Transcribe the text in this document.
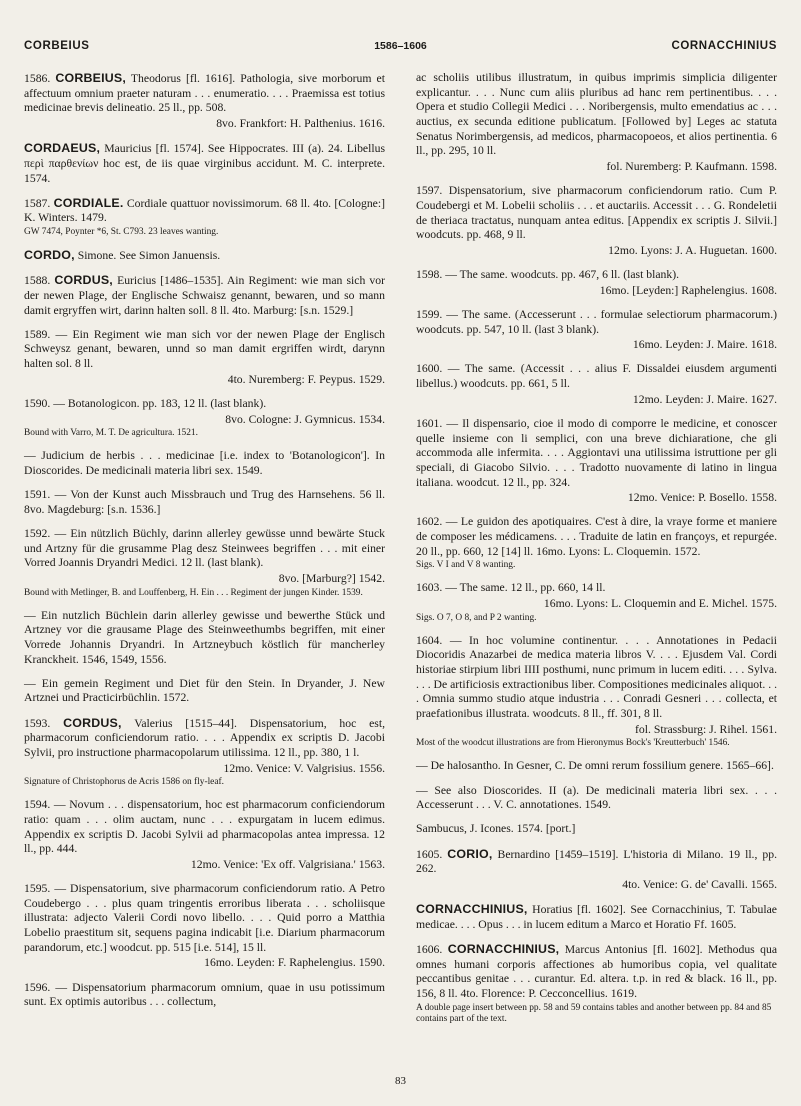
CORBEIUS	1586–1606	CORNACCHINIUS
1586. CORBEIUS, Theodorus [fl. 1616]. Pathologia, sive morborum et affectuum omnium praeter naturam . . . enumeratio. . . . Praemissa est totius medicinae brevis delineatio. 25 ll., pp. 508.
8vo. Frankfort: H. Palthenius. 1616.
CORDAEUS, Mauricius [fl. 1574]. See Hippocrates. III (a). 24. Libellus περὶ παρθενίων hoc est, de iis quae virginibus accidunt. M. C. interprete. 1574.
1587. CORDIALE. Cordiale quattuor novissimorum. 68 ll. 4to. [Cologne:] K. Winters. 1479.
GW 7474, Poynter *6, St. C793. 23 leaves wanting.
CORDO, Simone. See Simon Januensis.
1588. CORDUS, Euricius [1486–1535]. Ain Regiment: wie man sich vor der newen Plage, der Englische Schwaisz genannt, bewaren, und so mann damit ergryffen wirt, darinn halten soll. 8 ll. 4to. Marburg: [s.n. 1529.]
1589. — Ein Regiment wie man sich vor der newen Plage der Englisch Schweysz genant, bewaren, unnd so man damit ergriffen wirdt, darynn halten sol. 8 ll.
4to. Nuremberg: F. Peypus. 1529.
1590. — Botanologicon. pp. 183, 12 ll. (last blank).
8vo. Cologne: J. Gymnicus. 1534.
Bound with Varro, M. T. De agricultura. 1521.
— Judicium de herbis . . . medicinae [i.e. index to 'Botanologicon']. In Dioscorides. De medicinali materia libri sex. 1549.
1591. — Von der Kunst auch Missbrauch und Trug des Harnsehens. 56 ll. 8vo. Magdeburg: [s.n. 1536.]
1592. — Ein nützlich Büchly, darinn allerley gewüsse unnd bewärte Stuck und Artzny für die grusamme Plag desz Steinwees begriffen . . . mit einer Vorred Joannis Dryandri Medici. 12 ll. (last blank).
8vo. [Marburg?] 1542.
Bound with Metlinger, B. and Louffenberg, H. Ein . . . Regiment der jungen Kinder. 1539.
— Ein nutzlich Büchlein darin allerley gewisse und bewerthe Stück und Artzney vor die grausame Plage des Steinweethumbs begriffen, mit einer Vorrede Johannis Dryandri. In Artzneybuch köstlich für mancherley Kranckheit. 1546, 1549, 1556.
— Ein gemein Regiment und Diet für den Stein. In Dryander, J. New Artznei und Practicirbüchlin. 1572.
1593. CORDUS, Valerius [1515–44]. Dispensatorium, hoc est, pharmacorum conficiendorum ratio. . . . Appendix ex scriptis D. Jacobi Sylvii, pro instructione pharmacopolarum utilissima. 12 ll., pp. 380, 1 l.
12mo. Venice: V. Valgrisius. 1556.
Signature of Christophorus de Acris 1586 on fly-leaf.
1594. — Novum . . . dispensatorium, hoc est pharmacorum conficiendorum ratio: quam . . . olim auctam, nunc . . . expurgatam in lucem edimus. Appendix ex scriptis D. Jacobi Sylvii ad pharmacopolas antea impressa. 12 ll., pp. 444.
12mo. Venice: 'Ex off. Valgrisiana.' 1563.
1595. — Dispensatorium, sive pharmacorum conficiendorum ratio. A Petro Coudebergo . . . plus quam tringentis erroribus liberata . . . scholiisque illustrata: adjecto Valerii Cordi novo libello. . . . Quid porro a Matthia Lobelio praestitum sit, sequens pagina indicabit [i.e. Diarium pharmacorum parandorum, etc.] woodcut. pp. 515 [i.e. 514], 15 ll.
16mo. Leyden: F. Raphelengius. 1590.
1596. — Dispensatorium pharmacorum omnium, quae in usu potissimum sunt. Ex optimis autoribus . . . collectum,
ac scholiis utilibus illustratum, in quibus imprimis simplicia diligenter explicantur. . . . Nunc cum aliis pluribus ad hanc rem pertinentibus. . . . Opera et studio Collegii Medici . . . Noribergensis, multo emendatius ac . . . auctius, ex secunda editione publicatum. [Followed by] Leges ac statuta Senatus Norimbergensis, ad medicos, pharmacopoeos, et alios pertinentia. 6 ll., pp. 295, 10 ll.
fol. Nuremberg: P. Kaufmann. 1598.
1597. Dispensatorium, sive pharmacorum conficiendorum ratio. Cum P. Coudebergi et M. Lobelii scholiis . . . et auctariis. Accessit . . . G. Rondeletii de theriaca tractatus, nunquam antea editus. [Appendix ex scriptis J. Silvii.] woodcuts. pp. 468, 9 ll.
12mo. Lyons: J. A. Huguetan. 1600.
1598. — The same. woodcuts. pp. 467, 6 ll. (last blank).
16mo. [Leyden:] Raphelengius. 1608.
1599. — The same. (Accesserunt . . . formulae selectiorum pharmacorum.) woodcuts. pp. 547, 10 ll. (last 3 blank).
16mo. Leyden: J. Maire. 1618.
1600. — The same. (Accessit . . . alius F. Dissaldei eiusdem argumenti libellus.) woodcuts. pp. 661, 5 ll.
12mo. Leyden: J. Maire. 1627.
1601. — Il dispensario, cioe il modo di comporre le medicine, et conoscer quelle insieme con li semplici, con una breve dichiaratione, che gli accommoda alle infermita. . . . Aggiontavi una utilissima istruttione per gli speciali, di Giacobo Silvio. . . . Tradotto nuovamente di latino in lingua italiana. woodcut. 12 ll., pp. 324.
12mo. Venice: P. Bosello. 1558.
1602. — Le guidon des apotiquaires. C'est à dire, la vraye forme et maniere de composer les médicamens. . . . Traduite de latin en françoys, et repurgée. 20 ll., pp. 660, 12 [14] ll. 16mo. Lyons: L. Cloquemin. 1572.
Sigs. V I and V 8 wanting.
1603. — The same. 12 ll., pp. 660, 14 ll.
16mo. Lyons: L. Cloquemin and E. Michel. 1575.
Sigs. O 7, O 8, and P 2 wanting.
1604. — In hoc volumine continentur. . . . Annotationes in Pedacii Diocoridis Anazarbei de medica materia libros V. . . . Ejusdem Val. Cordi historiae stirpium libri IIII posthumi, nunc primum in lucem editi. . . . Sylva. . . . De artificiosis extractionibus liber. Compositiones medicinales aliquot. . . . Omnia summo studio atque industria . . . Conradi Gesneri . . . collecta, et praefationibus illustrata. woodcuts. 8 ll., ff. 301, 8 ll.
fol. Strassburg: J. Rihel. 1561.
Most of the woodcut illustrations are from Hieronymus Bock's 'Kreutterbuch' 1546.
— De halosantho. In Gesner, C. De omni rerum fossilium genere. 1565–66].
— See also Dioscorides. II (a). De medicinali materia libri sex. . . . Accesserunt . . . V. C. annotationes. 1549.
Sambucus, J. Icones. 1574. [port.]
1605. CORIO, Bernardino [1459–1519]. L'historia di Milano. 19 ll., pp. 262.
4to. Venice: G. de' Cavalli. 1565.
CORNACCHINIUS, Horatius [fl. 1602]. See Cornacchinius, T. Tabulae medicae. . . . Opus . . . in lucem editum a Marco et Horatio Ff. 1605.
1606. CORNACCHINIUS, Marcus Antonius [fl. 1602]. Methodus qua omnes humani corporis affectiones ab humoribus copia, vel qualitate peccantibus genitae . . . curantur. Ed. altera. t.p. in red & black. 16 ll., pp. 156, 8 ll. 4to. Florence: P. Cecconcellius. 1619.
A double page insert between pp. 58 and 59 contains tables and another between pp. 84 and 85 contains part of the text.
83
